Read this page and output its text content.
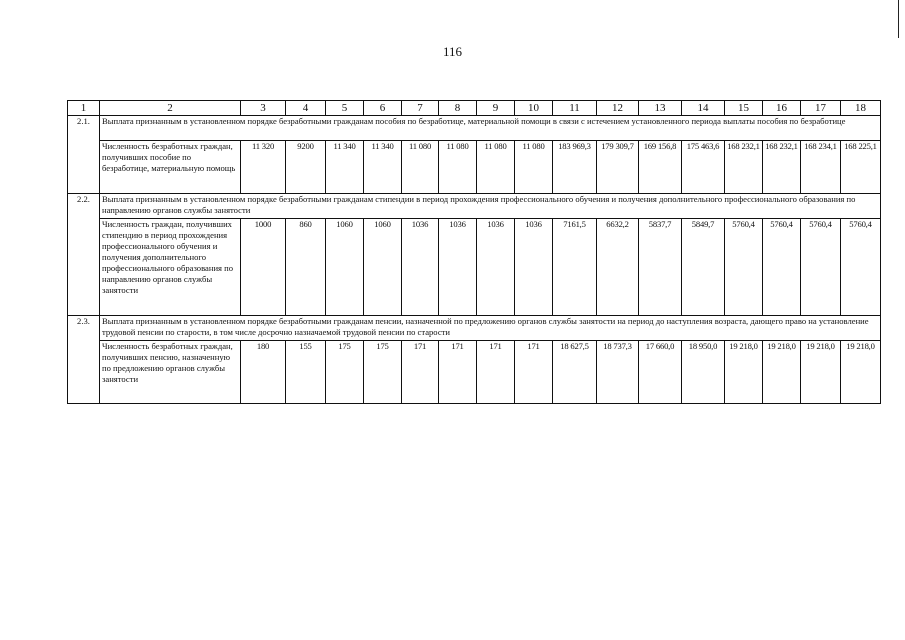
116
1	2	3	4	5	6	7	8	9	10	11	12	13	14	15	16	17	18
2.1.	Выплата признанным в установленном порядке безработными гражданам пособия по безработице, материальной помощи в связи с истечением установленного периода выплаты пособия по безработице																
	Численность безработных граждан, получивших пособие по безработице, материальную помощь	11 320	9200	11 340	11 340	11 080	11 080	11 080	11 080	183 969,3	179 309,7	169 156,8	175 463,6	168 232,1	168 232,1	168 234,1	168 225,1
2.2.	Выплата признанным в установленном порядке безработными гражданам стипендии в период прохождения профессионального обучения и получения дополнительного профессионального образования по направлению органов службы занятости																
	Численность граждан, получивших стипендию в период прохождения профессионального обучения и получения дополнительного профессионального образования по направлению органов службы занятости	1000	860	1060	1060	1036	1036	1036	1036	7161,5	6632,2	5837,7	5849,7	5760,4	5760,4	5760,4	5760,4
2.3.	Выплата признанным в установленном порядке безработными гражданам пенсии, назначенной по предложению органов службы занятости на период до наступления возраста, дающего право на установление трудовой пенсии по старости, в том числе досрочно назначаемой трудовой пенсии по старости																
	Численность безработных граждан, получивших пенсию, назначенную по предложению органов службы занятости	180	155	175	175	171	171	171	171	18 627,5	18 737,3	17 660,0	18 950,0	19 218,0	19 218,0	19 218,0	19 218,0
